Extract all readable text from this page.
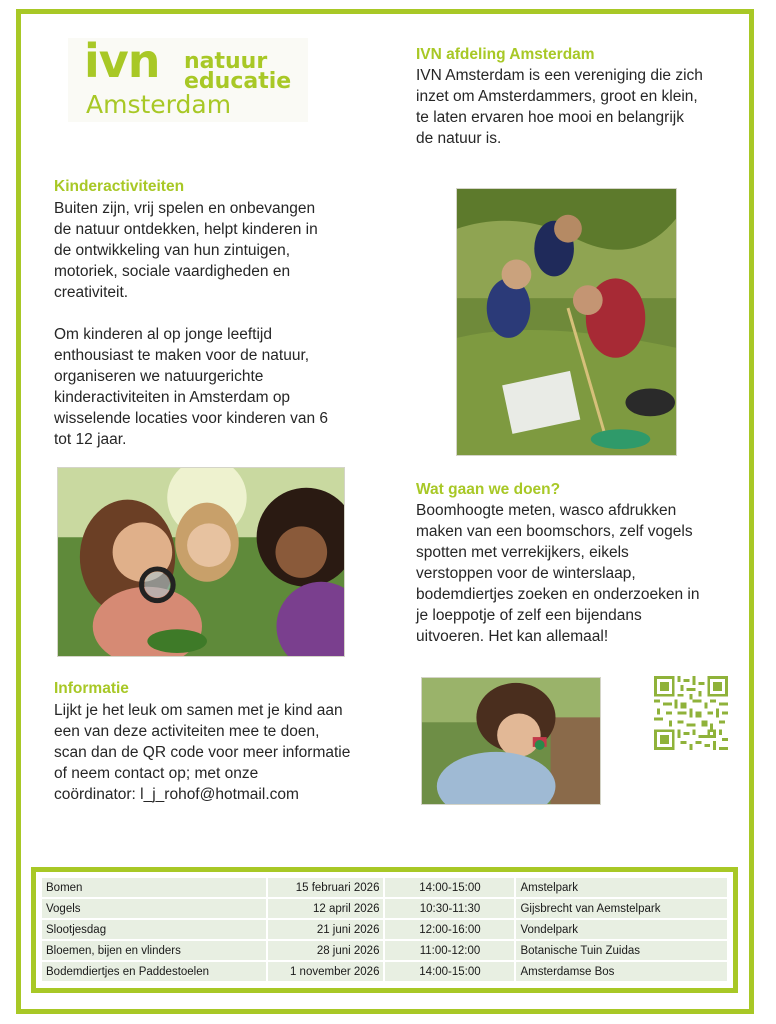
ivn natuur
educatie
Amsterdam
IVN afdeling Amsterdam
IVN Amsterdam is een vereniging die zich
inzet om Amsterdammers, groot en klein,
te laten ervaren hoe mooi en belangrijk
de natuur is.
Kinderactiviteiten
Buiten zijn, vrij spelen en onbevangen
de natuur ontdekken, helpt kinderen in
de ontwikkeling van hun zintuigen,
motoriek, sociale vaardigheden en
creativiteit.
Om kinderen al op jonge leeftijd
enthousiast te maken voor de natuur,
organiseren we natuurgerichte
kinderactiviteiten in Amsterdam op
wisselende locaties voor kinderen van 6
tot 12 jaar.
Wat gaan we doen?
Boomhoogte meten, wasco afdrukken
maken van een boomschors, zelf vogels
spotten met verrekijkers, eikels
verstoppen voor de winterslaap,
bodemdiertjes zoeken en onderzoeken in
je loeppotje of zelf een bijendans
uitvoeren. Het kan allemaal!
Informatie
Lijkt je het leuk om samen met je kind aan
een van deze activiteiten mee te doen,
scan dan de QR code voor meer informatie
of neem contact op; met onze
coördinator: l_j_rohof@hotmail.com
Bomen	15 februari 2026	14:00-15:00	Amstelpark
Vogels	12 april 2026	10:30-11:30	Gijsbrecht van Aemstelpark
Slootjesdag	21 juni 2026	12:00-16:00	Vondelpark
Bloemen, bijen en vlinders	28 juni 2026	11:00-12:00	Botanische Tuin Zuidas
Bodemdiertjes en Paddestoelen	1 november 2026	14:00-15:00	Amsterdamse Bos
